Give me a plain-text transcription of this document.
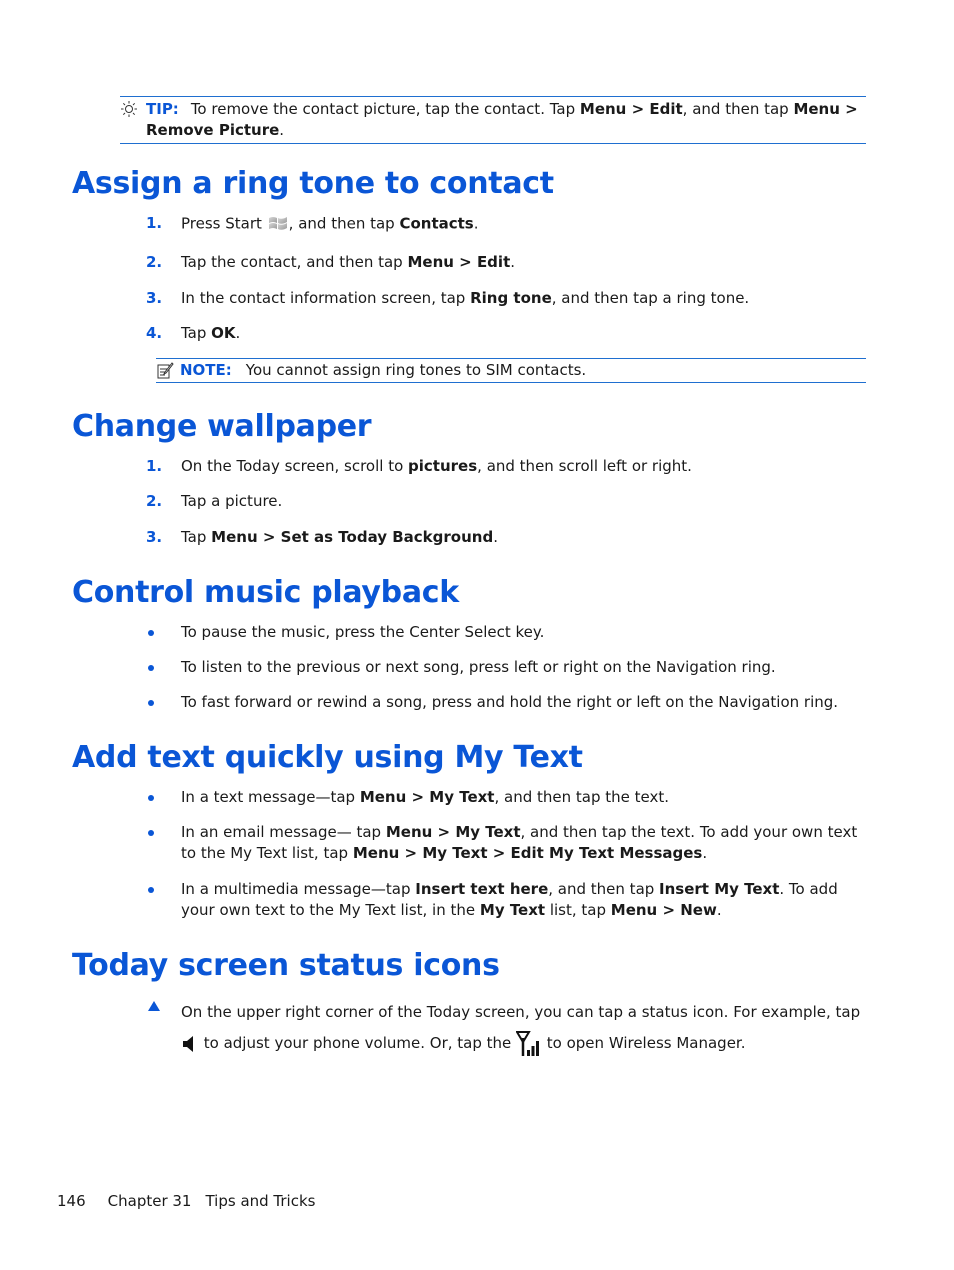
TIP: To remove the contact picture, tap the contact. Tap Menu > Edit, and then tap Menu > Remove Picture.
Assign a ring tone to contact
1. Press Start , and then tap Contacts.
2. Tap the contact, and then tap Menu > Edit.
3. In the contact information screen, tap Ring tone, and then tap a ring tone.
4. Tap OK.
NOTE: You cannot assign ring tones to SIM contacts.
Change wallpaper
1. On the Today screen, scroll to pictures, and then scroll left or right.
2. Tap a picture.
3. Tap Menu > Set as Today Background.
Control music playback
To pause the music, press the Center Select key.
To listen to the previous or next song, press left or right on the Navigation ring.
To fast forward or rewind a song, press and hold the right or left on the Navigation ring.
Add text quickly using My Text
In a text message—tap Menu > My Text, and then tap the text.
In an email message— tap Menu > My Text, and then tap the text. To add your own text to the My Text list, tap Menu > My Text > Edit My Text Messages.
In a multimedia message—tap Insert text here, and then tap Insert My Text. To add your own text to the My Text list, in the My Text list, tap Menu > New.
Today screen status icons
On the upper right corner of the Today screen, you can tap a status icon. For example, tap  to adjust your phone volume. Or, tap the  to open Wireless Manager.
146 Chapter 31 Tips and Tricks
